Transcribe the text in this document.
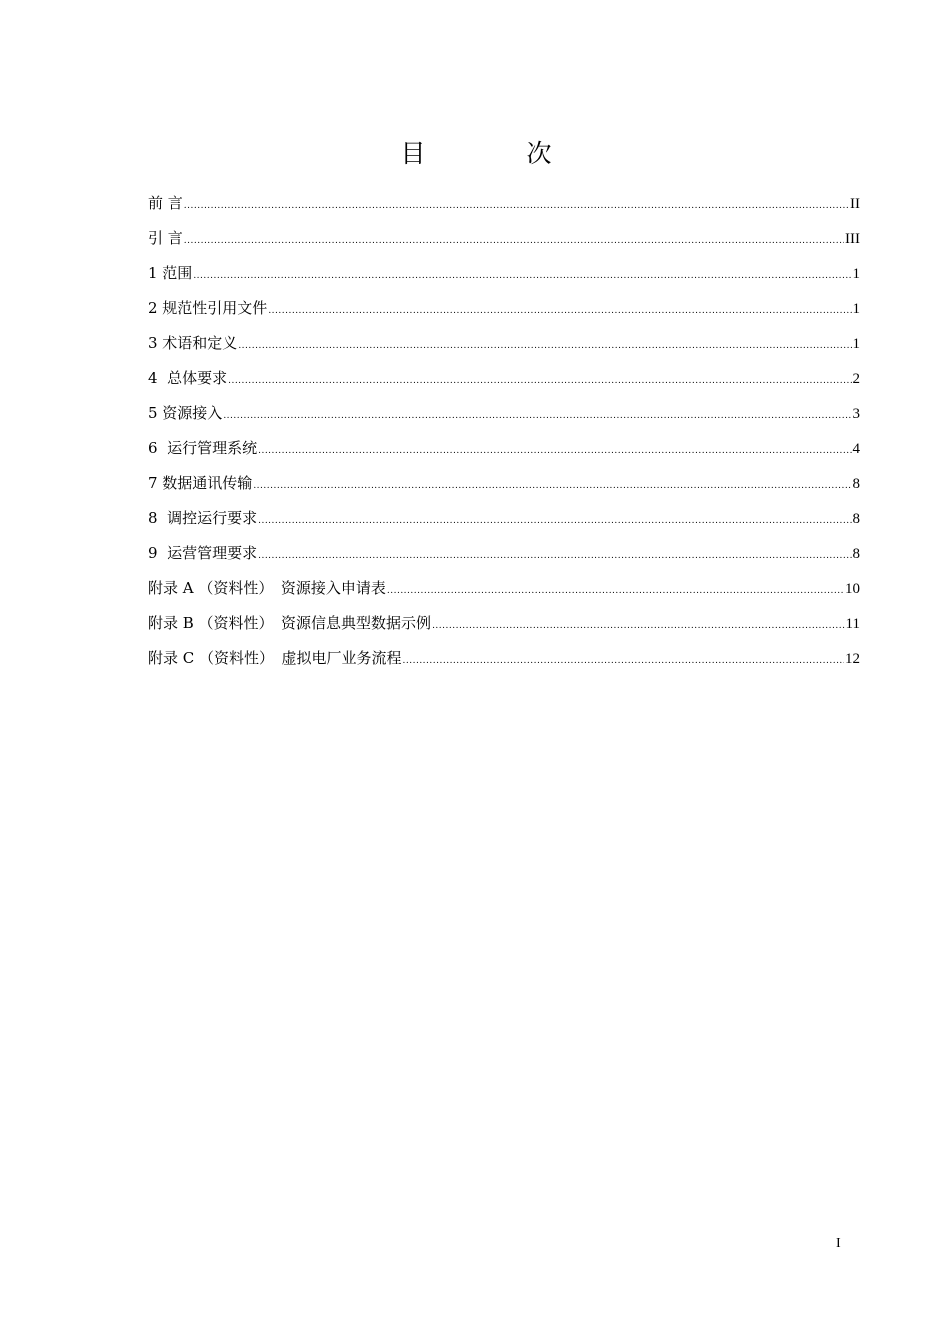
目　次
前 言 .....	II
引 言 .....	III
1 范围 .....	1
2 规范性引用文件 .....	1
3 术语和定义 .....	1
4  总体要求 .....	2
5 资源接入 .....	3
6  运行管理系统 .....	4
7 数据通讯传输 .....	8
8  调控运行要求 .....	8
9  运营管理要求 .....	8
附录 A （资料性）　资源接入申请表 .....	10
附录 B （资料性）　资源信息典型数据示例 .....	11
附录 C （资料性）　虚拟电厂业务流程 .....	12
I
